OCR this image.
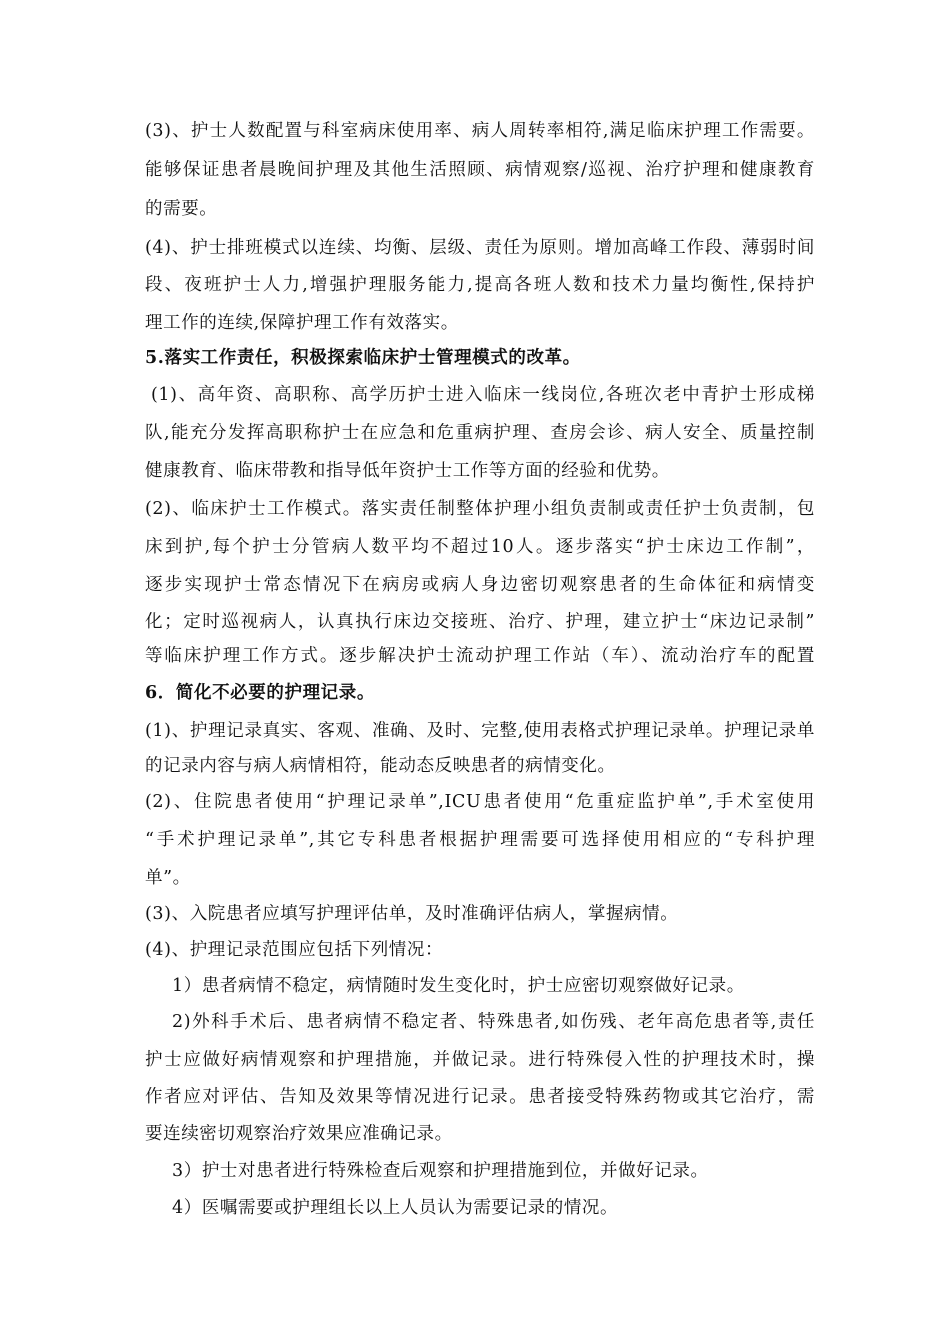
(3)、护士人数配置与科室病床使用率、病人周转率相符,满足临床护理工作需要。
能够保证患者晨晚间护理及其他生活照顾、病情观察/巡视、治疗护理和健康教育
的需要。
(4)、护士排班模式以连续、均衡、层级、责任为原则。增加高峰工作段、薄弱时间
段、夜班护士人力,增强护理服务能力,提高各班人数和技术力量均衡性,保持护
理工作的连续,保障护理工作有效落实。
5.落实工作责任，积极探索临床护士管理模式的改革。
(1)、高年资、高职称、高学历护士进入临床一线岗位,各班次老中青护士形成梯
队,能充分发挥高职称护士在应急和危重病护理、查房会诊、病人安全、质量控制
健康教育、临床带教和指导低年资护士工作等方面的经验和优势。
(2)、临床护士工作模式。落实责任制整体护理小组负责制或责任护士负责制，包
床到护,每个护士分管病人数平均不超过10人。逐步落实“护士床边工作制”，
逐步实现护士常态情况下在病房或病人身边密切观察患者的生命体征和病情变
化；定时巡视病人，认真执行床边交接班、治疗、护理，建立护士“床边记录制”
等临床护理工作方式。逐步解决护士流动护理工作站（车）、流动治疗车的配置
6．简化不必要的护理记录。
(1)、护理记录真实、客观、准确、及时、完整,使用表格式护理记录单。护理记录单
的记录内容与病人病情相符，能动态反映患者的病情变化。
(2)、住院患者使用“护理记录单”,ICU患者使用“危重症监护单”,手术室使用
“手术护理记录单”,其它专科患者根据护理需要可选择使用相应的“专科护理
单”。
(3)、入院患者应填写护理评估单，及时准确评估病人，掌握病情。
(4)、护理记录范围应包括下列情况：
1）患者病情不稳定，病情随时发生变化时，护士应密切观察做好记录。
2)外科手术后、患者病情不稳定者、特殊患者,如伤残、老年高危患者等,责任
护士应做好病情观察和护理措施，并做记录。进行特殊侵入性的护理技术时，操
作者应对评估、告知及效果等情况进行记录。患者接受特殊药物或其它治疗，需
要连续密切观察治疗效果应准确记录。
3）护士对患者进行特殊检查后观察和护理措施到位，并做好记录。
4）医嘱需要或护理组长以上人员认为需要记录的情况。
